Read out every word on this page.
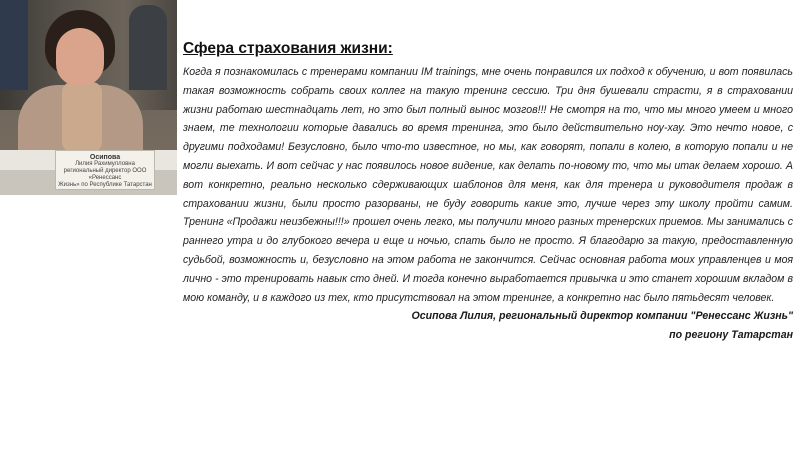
Осипова
Лилия Рахимулловна
региональный директор ООО «Ренессанс
Жизнь» по Республике Татарстан
Сфера страхования жизни:

Когда я познакомилась с тренерами компании IM trainings, мне очень понравился их подход к обучению, и вот появилась такая возможность собрать своих коллег на такую тренинг сессию. Три дня бушевали страсти, я в страховании жизни работаю шестнадцать лет, но это был полный вынос мозгов!!! Не смотря на то, что мы много умеем и много знаем, те технологии которые давались во время тренинга, это было действительно ноу-хау. Это нечто новое, с другими подходами! Безусловно, было что-то известное, но мы, как говорят, попали в колею, в которую попали и не могли выехать. И вот сейчас у нас появилось новое видение, как делать по-новому то, что мы итак делаем хорошо. А вот конкретно, реально несколько сдерживающих шаблонов для меня, как для тренера и руководителя продаж в страховании жизни, были просто разорваны, не буду говорить какие это, лучше через эту школу пройти самим. Тренинг «Продажи неизбежны!!!» прошел очень легко, мы получили много разных тренерских приемов. Мы занимались с раннего утра и до глубокого вечера и еще и ночью, спать было не просто. Я благодарю за такую, предоставленную судьбой, возможность и, безусловно на этом работа не закончится. Сейчас основная работа моих управленцев и моя лично - это тренировать навык сто дней. И тогда конечно выработается привычка и это станет хорошим вкладом в мою команду, и в каждого из тех, кто присутствовал на этом тренинге, а конкретно нас было пятьдесят человек.

Осипова Лилия, региональный директор компании "Ренессанс Жизнь"

по региону Татарстан
